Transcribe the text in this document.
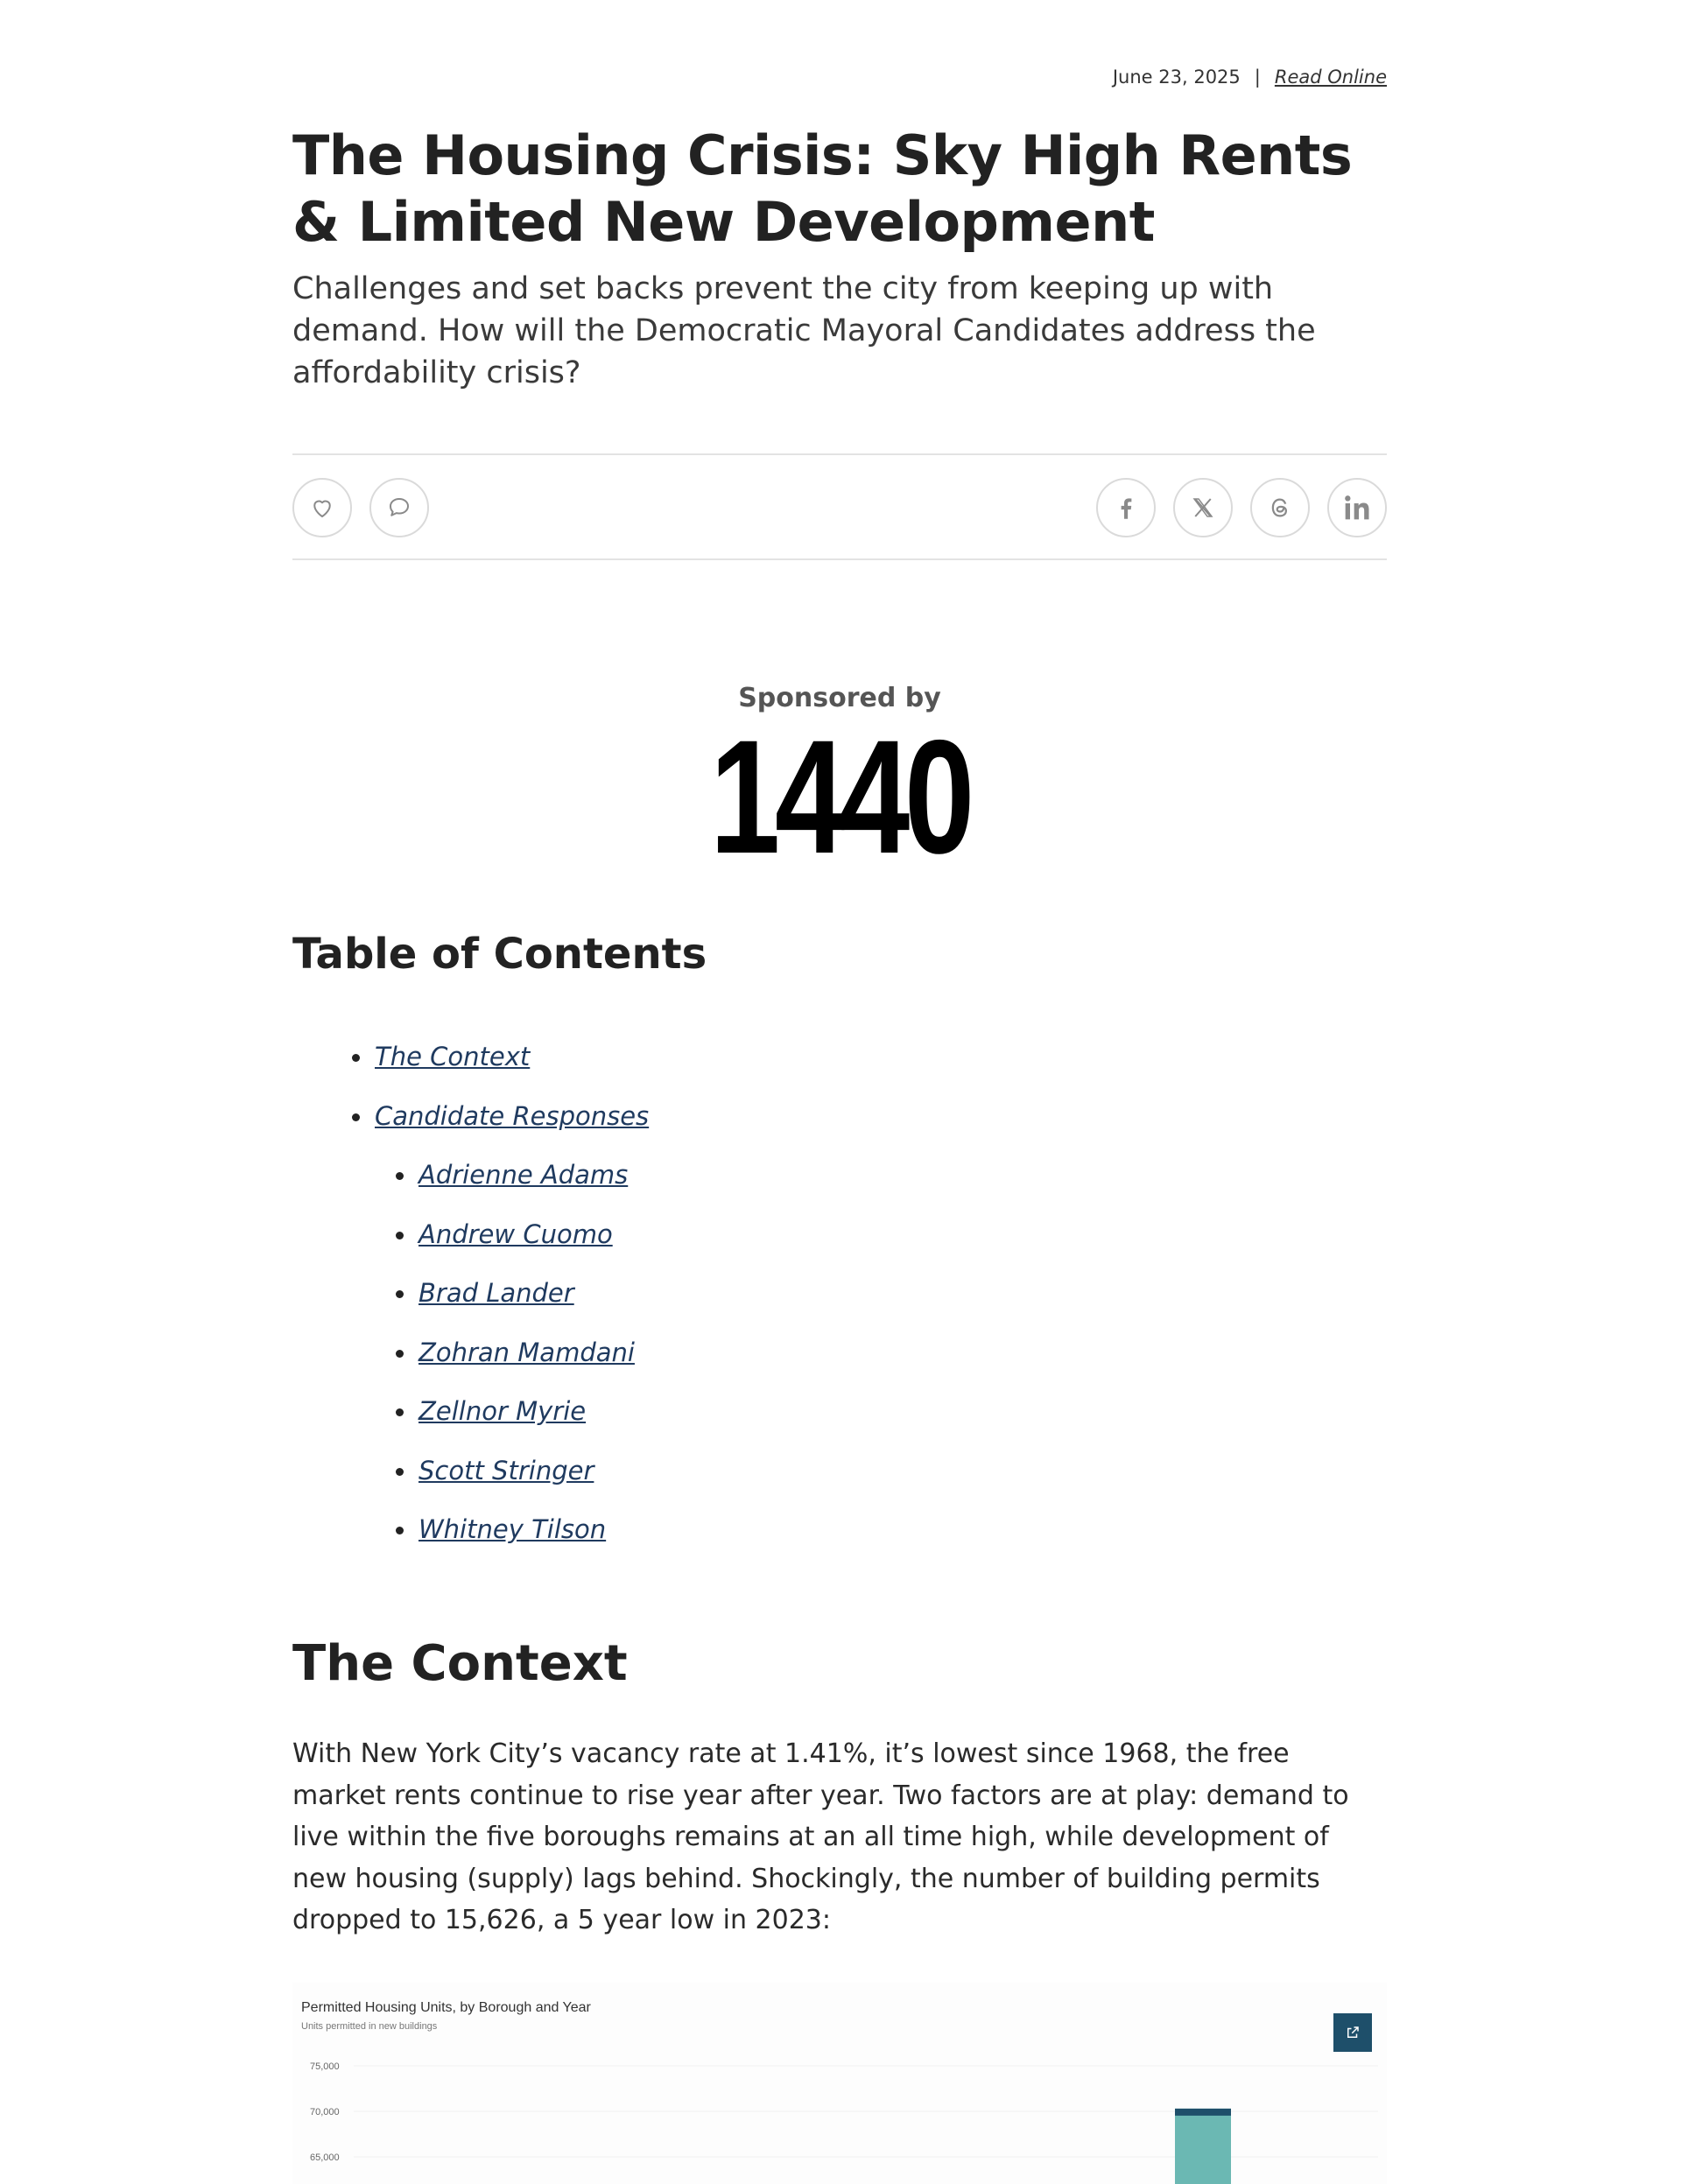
June 23, 2025 | Read Online
The Housing Crisis: Sky High Rents & Limited New Development

Challenges and set backs prevent the city from keeping up with demand. How will the Democratic Mayoral Candidates address the affordability crisis?

Sponsored by
1440
Table of Contents
The Context
Candidate Responses
Adrienne Adams
Andrew Cuomo
Brad Lander
Zohran Mamdani
Zellnor Myrie
Scott Stringer
Whitney Tilson
The Context

With New York City’s vacancy rate at 1.41%, it’s lowest since 1968, the free market rents continue to rise year after year. Two factors are at play: demand to live within the five boroughs remains at an all time high, while development of new housing (supply) lags behind. Shockingly, the number of building permits dropped to 15,626, a 5 year low in 2023:

Permitted Housing Units, by Borough and Year
Units permitted in new buildings
75,000
70,000
65,000
